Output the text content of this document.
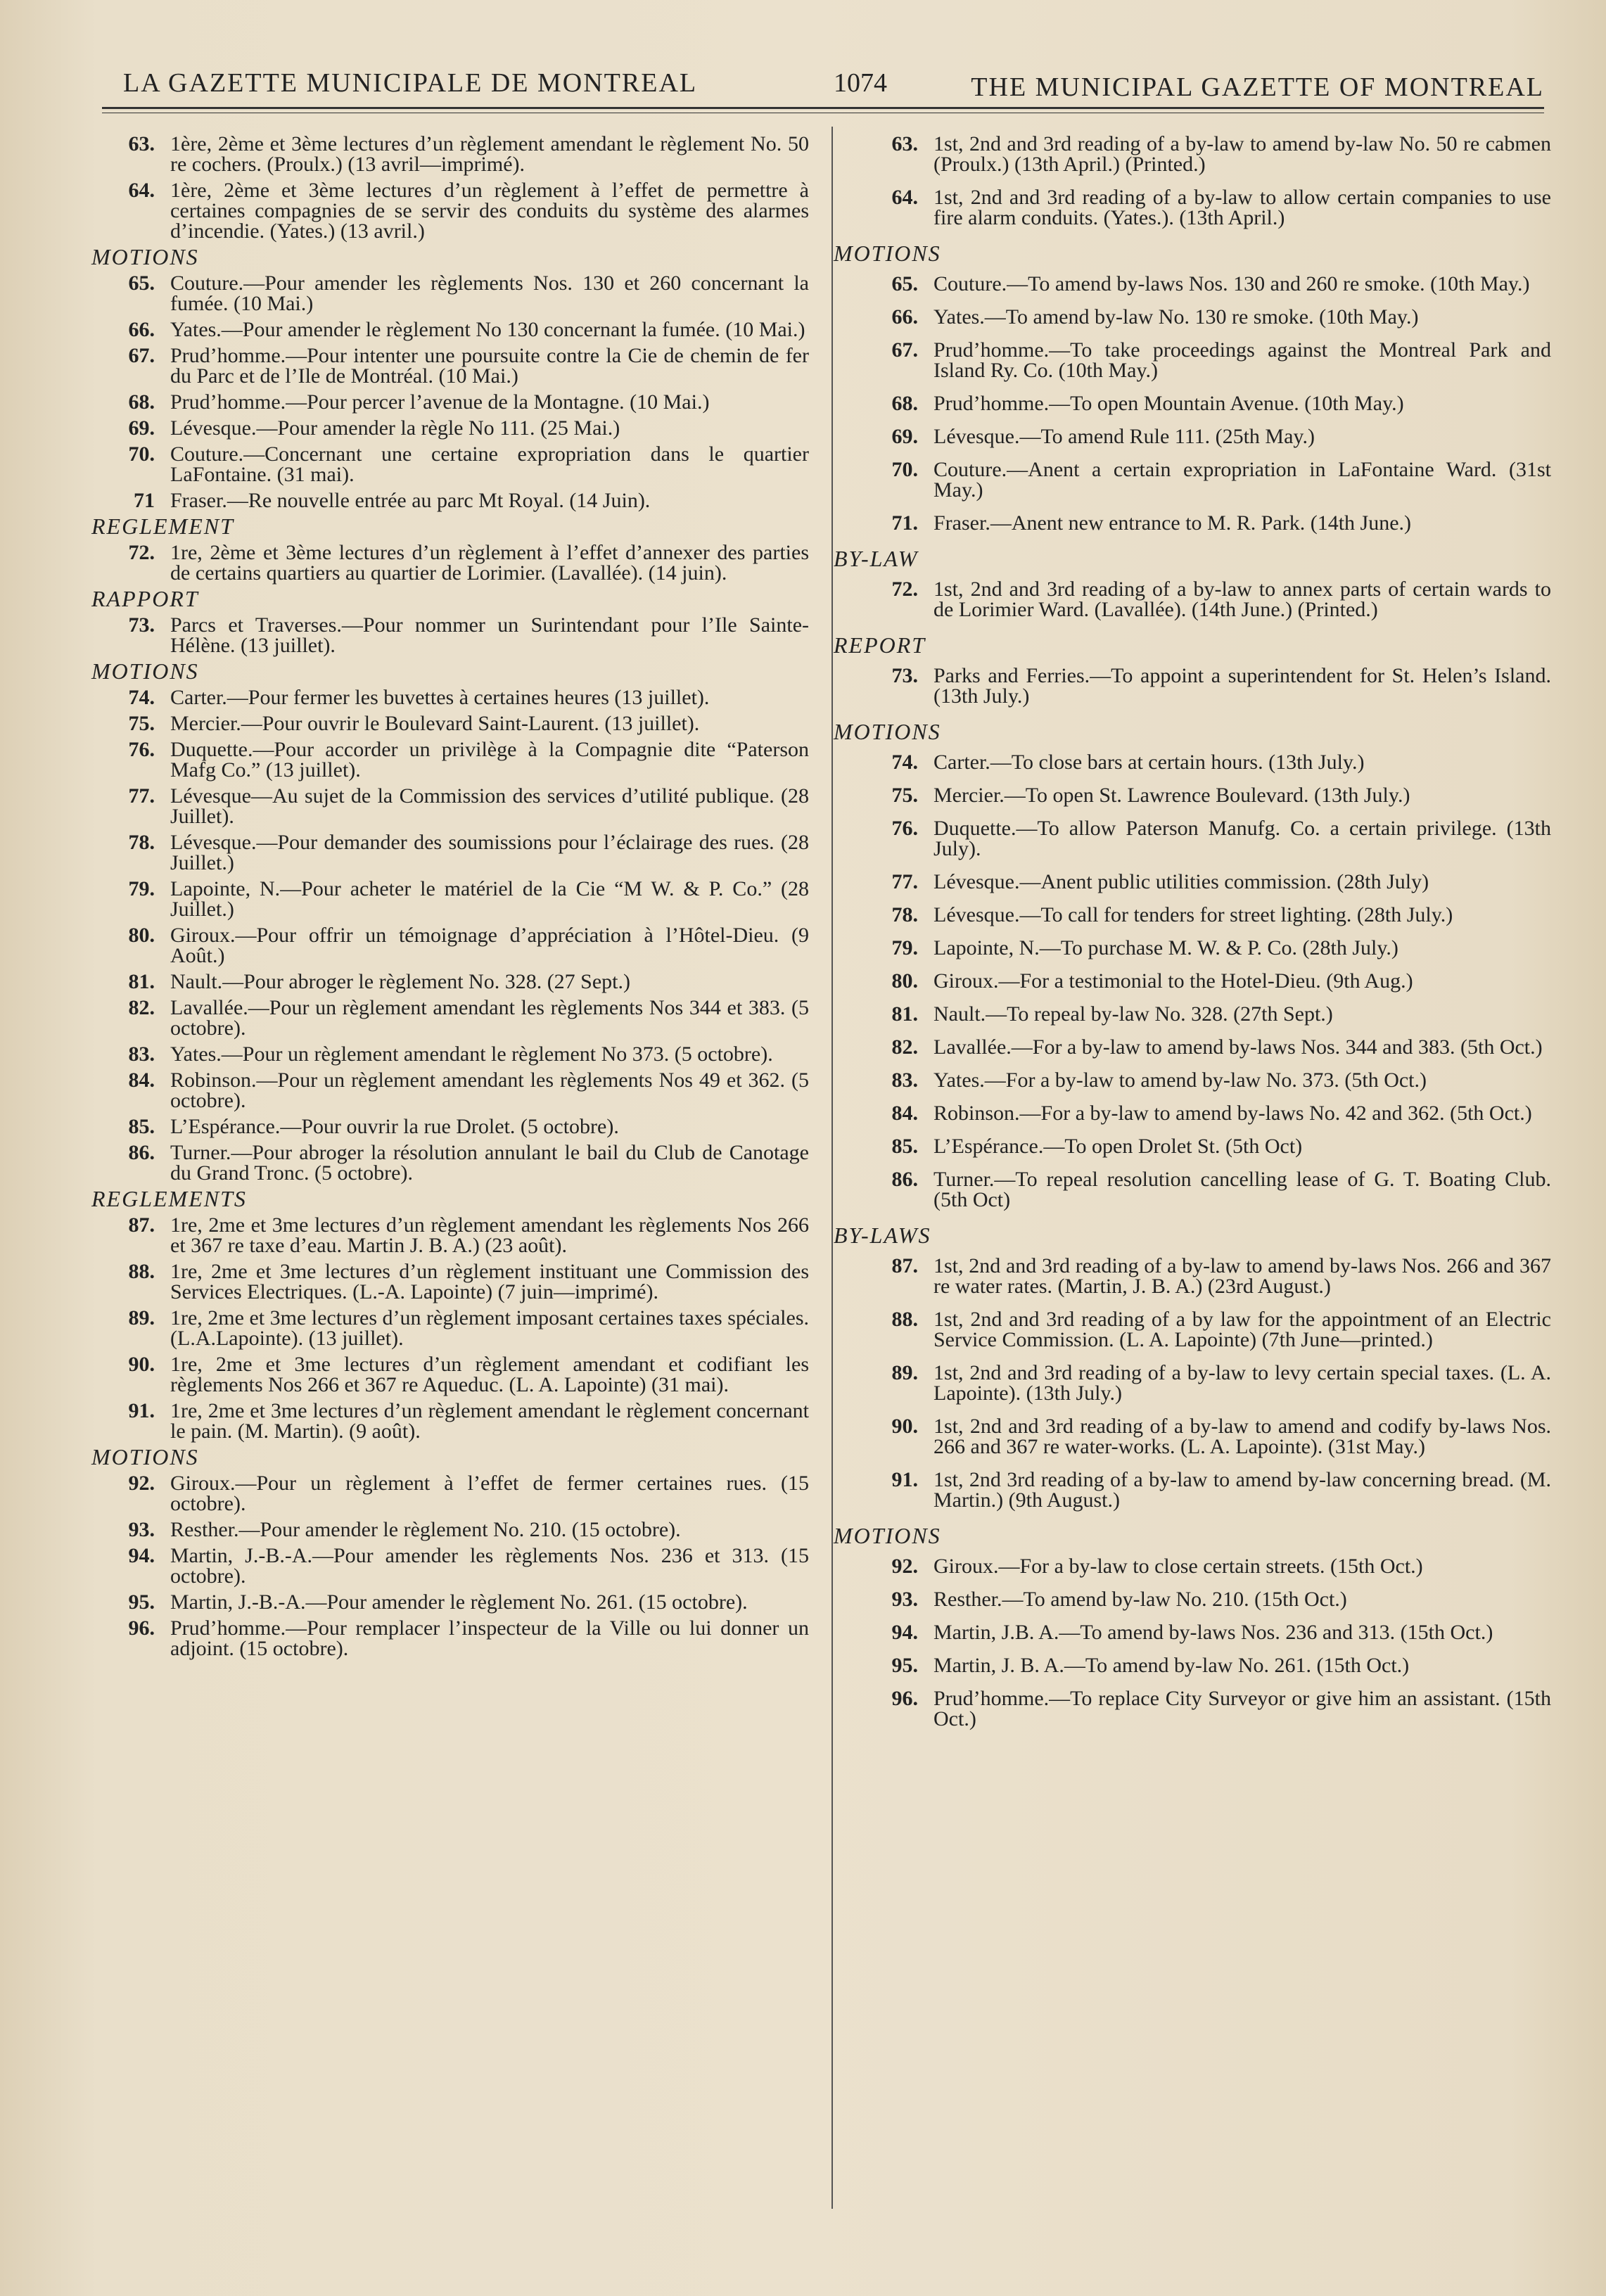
LA GAZETTE MUNICIPALE DE MONTREAL	1074	THE MUNICIPAL GAZETTE OF MONTREAL
63. 1ère, 2ème et 3ème lectures d’un règlement amendant le règlement No. 50 re cochers. (Proulx.) (13 avril—imprimé).
64. 1ère, 2ème et 3ème lectures d’un règlement à l’effet de permettre à certaines compagnies de se servir des conduits du système des alarmes d’incendie. (Yates.) (13 avril.)
MOTIONS
65. Couture.—Pour amender les règlements Nos. 130 et 260 concernant la fumée. (10 Mai.)
66. Yates.—Pour amender le règlement No 130 concernant la fumée. (10 Mai.)
67. Prud’homme.—Pour intenter une poursuite contre la Cie de chemin de fer du Parc et de l’Ile de Montréal. (10 Mai.)
68. Prud’homme.—Pour percer l’avenue de la Montagne. (10 Mai.)
69. Lévesque.—Pour amender la règle No 111. (25 Mai.)
70. Couture.—Concernant une certaine expropriation dans le quartier LaFontaine. (31 mai).
71 Fraser.—Re nouvelle entrée au parc Mt Royal. (14 Juin).
REGLEMENT
72. 1re, 2ème et 3ème lectures d’un règlement à l’effet d’annexer des parties de certains quartiers au quartier de Lorimier. (Lavallée). (14 juin).
RAPPORT
73. Parcs et Traverses.—Pour nommer un Surintendant pour l’Ile Sainte-Hélène. (13 juillet).
MOTIONS
74. Carter.—Pour fermer les buvettes à certaines heures (13 juillet).
75. Mercier.—Pour ouvrir le Boulevard Saint-Laurent. (13 juillet).
76. Duquette.—Pour accorder un privilège à la Compagnie dite “Paterson Mafg Co.” (13 juillet).
77. Lévesque—Au sujet de la Commission des services d’utilité publique. (28 Juillet).
78. Lévesque.—Pour demander des soumissions pour l’éclairage des rues. (28 Juillet.)
79. Lapointe, N.—Pour acheter le matériel de la Cie “M W. & P. Co.” (28 Juillet.)
80. Giroux.—Pour offrir un témoignage d’appréciation à l’Hôtel-Dieu. (9 Août.)
81. Nault.—Pour abroger le règlement No. 328. (27 Sept.)
82. Lavallée.—Pour un règlement amendant les règlements Nos 344 et 383. (5 octobre).
83. Yates.—Pour un règlement amendant le règlement No 373. (5 octobre).
84. Robinson.—Pour un règlement amendant les règlements Nos 49 et 362. (5 octobre).
85. L’Espérance.—Pour ouvrir la rue Drolet. (5 octobre).
86. Turner.—Pour abroger la résolution annulant le bail du Club de Canotage du Grand Tronc. (5 octobre).
REGLEMENTS
87. 1re, 2me et 3me lectures d’un règlement amendant les règlements Nos 266 et 367 re taxe d’eau. Martin J. B. A.) (23 août).
88. 1re, 2me et 3me lectures d’un règlement instituant une Commission des Services Electriques. (L.-A. Lapointe) (7 juin—imprimé).
89. 1re, 2me et 3me lectures d’un règlement imposant certaines taxes spéciales. (L.A.Lapointe). (13 juillet).
90. 1re, 2me et 3me lectures d’un règlement amendant et codifiant les règlements Nos 266 et 367 re Aqueduc. (L. A. Lapointe) (31 mai).
91. 1re, 2me et 3me lectures d’un règlement amendant le règlement concernant le pain. (M. Martin). (9 août).
MOTIONS
92. Giroux.—Pour un règlement à l’effet de fermer certaines rues. (15 octobre).
93. Resther.—Pour amender le règlement No. 210. (15 octobre).
94. Martin, J.-B.-A.—Pour amender les règlements Nos. 236 et 313. (15 octobre).
95. Martin, J.-B.-A.—Pour amender le règlement No. 261. (15 octobre).
96. Prud’homme.—Pour remplacer l’inspecteur de la Ville ou lui donner un adjoint. (15 octobre).
63. 1st, 2nd and 3rd reading of a by-law to amend by-law No. 50 re cabmen (Proulx.) (13th April.) (Printed.)
64. 1st, 2nd and 3rd reading of a by-law to allow certain companies to use fire alarm conduits. (Yates.). (13th April.)
MOTIONS
65. Couture.—To amend by-laws Nos. 130 and 260 re smoke. (10th May.)
66. Yates.—To amend by-law No. 130 re smoke. (10th May.)
67. Prud’homme.—To take proceedings against the Montreal Park and Island Ry. Co. (10th May.)
68. Prud’homme.—To open Mountain Avenue. (10th May.)
69. Lévesque.—To amend Rule 111. (25th May.)
70. Couture.—Anent a certain expropriation in LaFontaine Ward. (31st May.)
71. Fraser.—Anent new entrance to M. R. Park. (14th June.)
BY-LAW
72. 1st, 2nd and 3rd reading of a by-law to annex parts of certain wards to de Lorimier Ward. (Lavallée). (14th June.) (Printed.)
REPORT
73. Parks and Ferries.—To appoint a superintendent for St. Helen’s Island. (13th July.)
MOTIONS
74. Carter.—To close bars at certain hours. (13th July.)
75. Mercier.—To open St. Lawrence Boulevard. (13th July.)
76. Duquette.—To allow Paterson Manufg. Co. a certain privilege. (13th July).
77. Lévesque.—Anent public utilities commission. (28th July)
78. Lévesque.—To call for tenders for street lighting. (28th July.)
79. Lapointe, N.—To purchase M. W. & P. Co. (28th July.)
80. Giroux.—For a testimonial to the Hotel-Dieu. (9th Aug.)
81. Nault.—To repeal by-law No. 328. (27th Sept.)
82. Lavallée.—For a by-law to amend by-laws Nos. 344 and 383. (5th Oct.)
83. Yates.—For a by-law to amend by-law No. 373. (5th Oct.)
84. Robinson.—For a by-law to amend by-laws No. 42 and 362. (5th Oct.)
85. L’Espérance.—To open Drolet St. (5th Oct)
86. Turner.—To repeal resolution cancelling lease of G. T. Boating Club. (5th Oct)
BY-LAWS
87. 1st, 2nd and 3rd reading of a by-law to amend by-laws Nos. 266 and 367 re water rates. (Martin, J. B. A.) (23rd August.)
88. 1st, 2nd and 3rd reading of a by law for the appointment of an Electric Service Commission. (L. A. Lapointe) (7th June—printed.)
89. 1st, 2nd and 3rd reading of a by-law to levy certain special taxes. (L. A. Lapointe). (13th July.)
90. 1st, 2nd and 3rd reading of a by-law to amend and codify by-laws Nos. 266 and 367 re water-works. (L. A. Lapointe). (31st May.)
91. 1st, 2nd 3rd reading of a by-law to amend by-law concerning bread. (M. Martin.) (9th August.)
MOTIONS
92. Giroux.—For a by-law to close certain streets. (15th Oct.)
93. Resther.—To amend by-law No. 210. (15th Oct.)
94. Martin, J.B. A.—To amend by-laws Nos. 236 and 313. (15th Oct.)
95. Martin, J. B. A.—To amend by-law No. 261. (15th Oct.)
96. Prud’homme.—To replace City Surveyor or give him an assistant. (15th Oct.)
